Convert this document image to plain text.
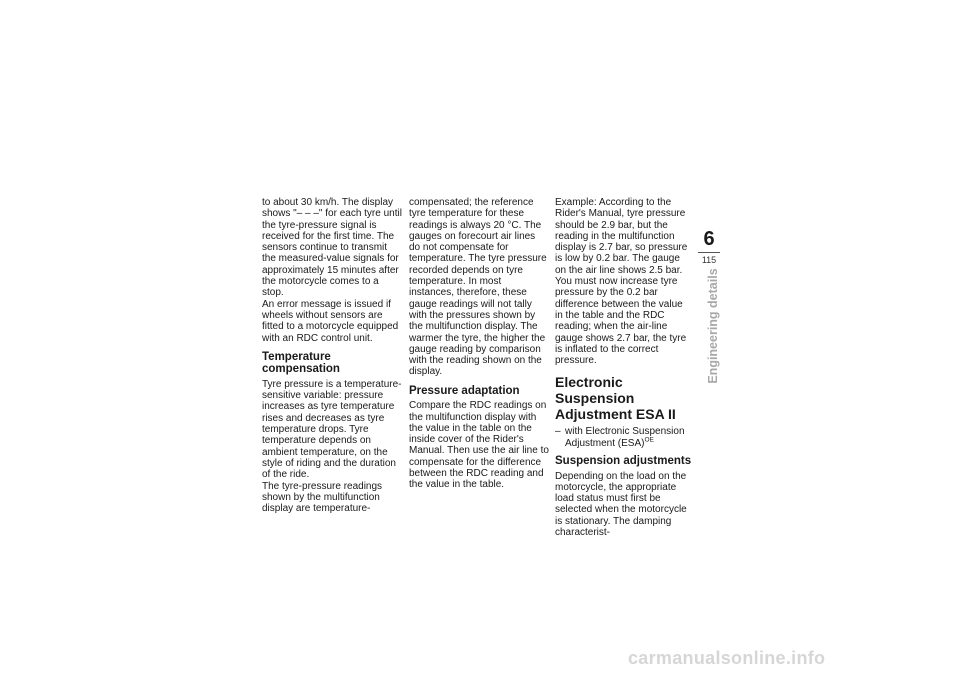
to about 30 km/h. The display shows "– – –" for each tyre until the tyre-pressure signal is received for the first time. The sensors continue to transmit the measured-value signals for approximately 15 minutes after the motorcycle comes to a stop.

An error message is issued if wheels without sensors are fitted to a motorcycle equipped with an RDC control unit.

Temperature compensation

Tyre pressure is a temperature-sensitive variable: pressure increases as tyre temperature rises and decreases as tyre temperature drops. Tyre temperature depends on ambient temperature, on the style of riding and the duration of the ride.

The tyre-pressure readings shown by the multifunction display are temperature-

compensated; the reference tyre temperature for these readings is always 20 °C. The gauges on forecourt air lines do not compensate for temperature. The tyre pressure recorded depends on tyre temperature. In most instances, therefore, these gauge readings will not tally with the pressures shown by the multifunction display. The warmer the tyre, the higher the gauge reading by comparison with the reading shown on the display.

Pressure adaptation

Compare the RDC readings on the multifunction display with the value in the table on the inside cover of the Rider's Manual. Then use the air line to compensate for the difference between the RDC reading and the value in the table.

Example: According to the Rider's Manual, tyre pressure should be 2.9 bar, but the reading in the multifunction display is 2.7 bar, so pressure is low by 0.2 bar. The gauge on the air line shows 2.5 bar. You must now increase tyre pressure by the 0.2 bar difference between the value in the table and the RDC reading; when the air-line gauge shows 2.7 bar, the tyre is inflated to the correct pressure.

Electronic Suspension Adjustment ESA II
– with Electronic Suspension Adjustment (ESA)$^{OE}$
Suspension adjustments

Depending on the load on the motorcycle, the appropriate load status must first be selected when the motorcycle is stationary. The damping characterist-

6
115
Engineering details
carmanualsonline.info
